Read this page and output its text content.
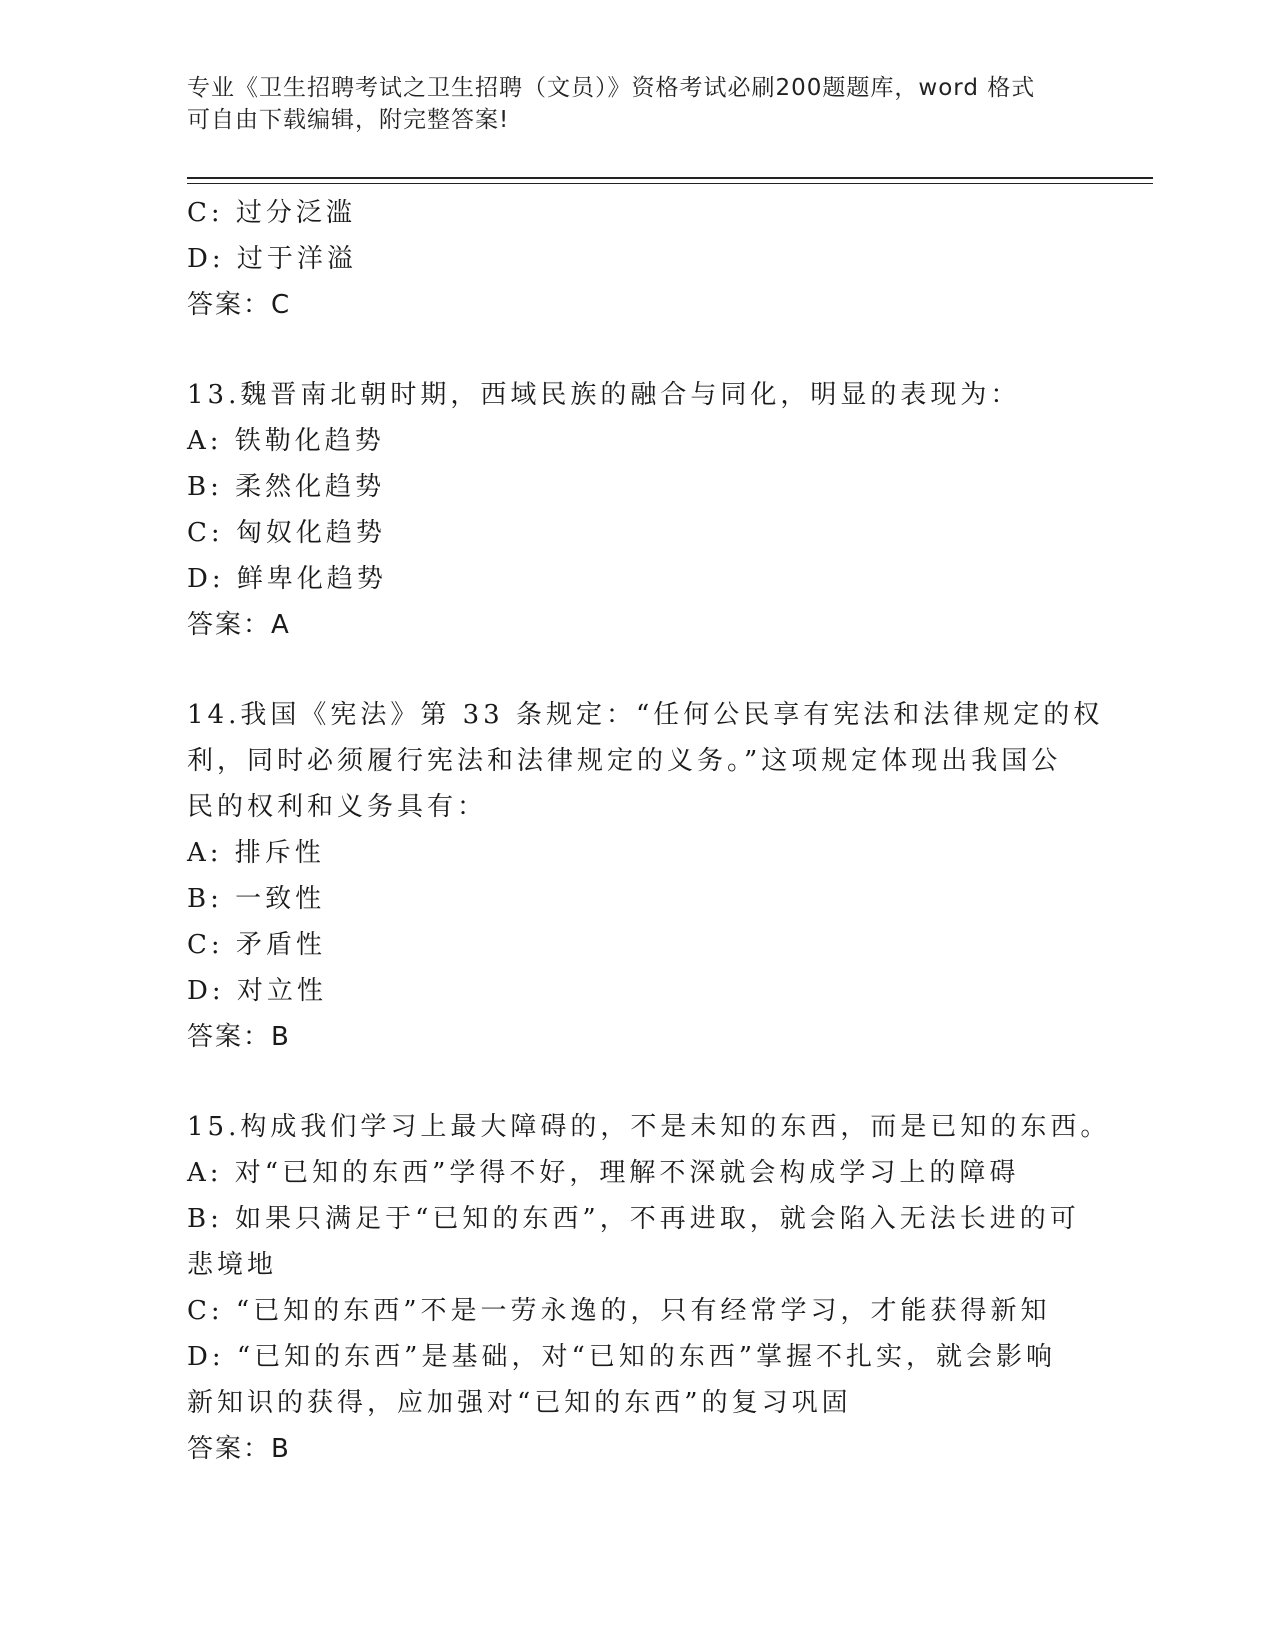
专业《卫生招聘考试之卫生招聘（文员）》资格考试必刷200题题库，word 格式
可自由下载编辑，附完整答案!
C: 过分泛滥
D: 过于洋溢
答案：C
13.魏晋南北朝时期，西域民族的融合与同化，明显的表现为：
A: 铁勒化趋势
B: 柔然化趋势
C: 匈奴化趋势
D: 鲜卑化趋势
答案：A
14.我国《宪法》第 33 条规定：“任何公民享有宪法和法律规定的权
利，同时必须履行宪法和法律规定的义务。”这项规定体现出我国公
民的权利和义务具有：
A: 排斥性
B: 一致性
C: 矛盾性
D: 对立性
答案：B
15.构成我们学习上最大障碍的，不是未知的东西，而是已知的东西。
A: 对“已知的东西”学得不好，理解不深就会构成学习上的障碍
B: 如果只满足于“已知的东西”，不再进取，就会陷入无法长进的可
悲境地
C: “已知的东西”不是一劳永逸的，只有经常学习，才能获得新知
D: “已知的东西”是基础，对“已知的东西”掌握不扎实，就会影响
新知识的获得，应加强对“已知的东西”的复习巩固
答案：B
